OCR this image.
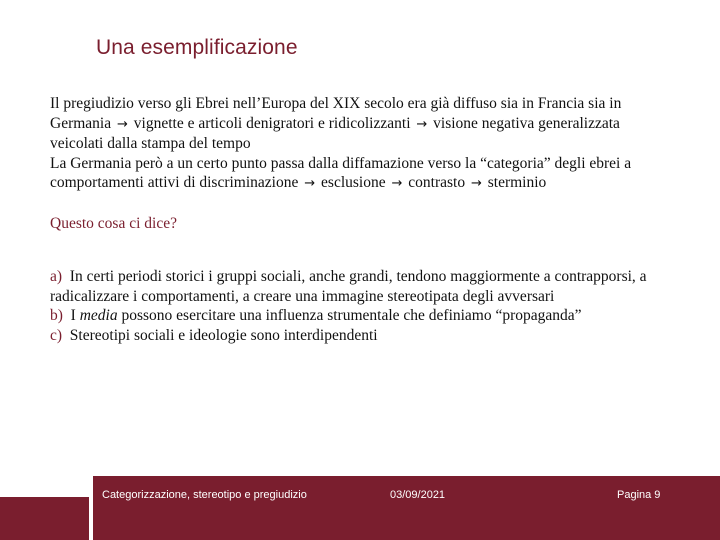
Una esemplificazione

Il pregiudizio verso gli Ebrei nell’Europa del XIX secolo era già diffuso sia in Francia sia in Germania → vignette e articoli denigratori e ridicolizzanti → visione negativa generalizzata veicolati dalla stampa del tempo

La Germania però a un certo punto passa dalla diffamazione verso la “categoria” degli ebrei a comportamenti attivi di discriminazione → esclusione → contrasto → sterminio

Questo cosa ci dice?

a) In certi periodi storici i gruppi sociali, anche grandi, tendono maggiormente a contrapporsi, a radicalizzare i comportamenti, a creare una immagine stereotipata degli avversari

b) I media possono esercitare una influenza strumentale che definiamo “propaganda”

c) Stereotipi sociali e ideologie sono interdipendenti

Categorizzazione, stereotipo e pregiudizio	03/09/2021	Pagina 9
